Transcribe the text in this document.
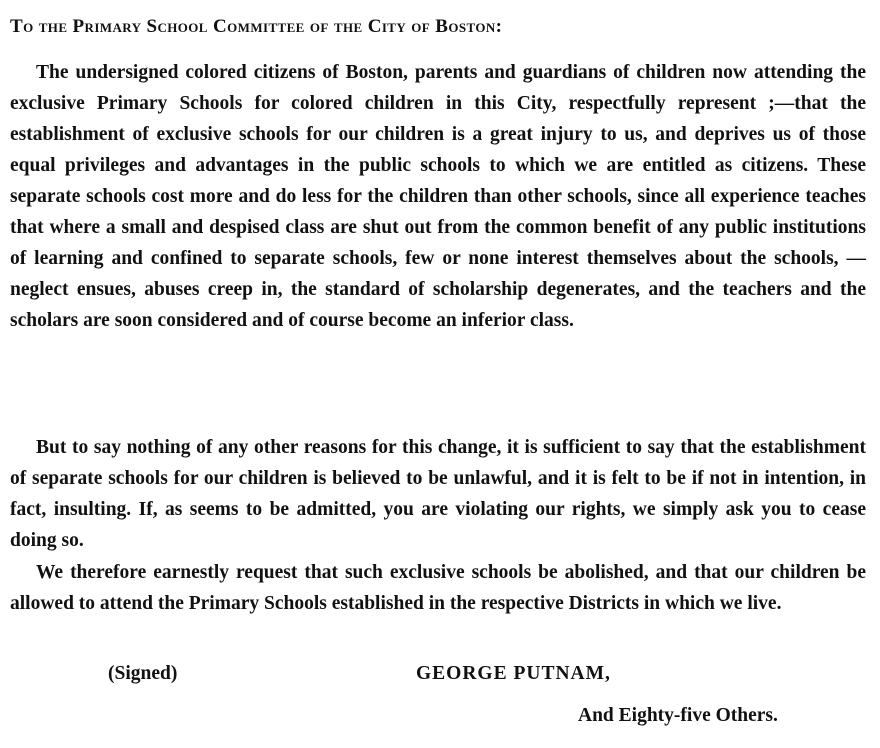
To the Primary School Committee of the City of Boston:

The undersigned colored citizens of Boston, parents and guardians of children now attending the exclusive Primary Schools for colored children in this City, respectfully represent ;—that the establishment of exclusive schools for our children is a great injury to us, and deprives us of those equal privileges and advantages in the public schools to which we are entitled as citizens. These separate schools cost more and do less for the children than other schools, since all experience teaches that where a small and despised class are shut out from the common benefit of any public institutions of learning and confined to separate schools, few or none interest themselves about the schools, —neglect ensues, abuses creep in, the standard of scholarship degenerates, and the teachers and the scholars are soon considered and of course become an inferior class.

But to say nothing of any other reasons for this change, it is sufficient to say that the establishment of separate schools for our children is believed to be unlawful, and it is felt to be if not in intention, in fact, insulting. If, as seems to be admitted, you are violating our rights, we simply ask you to cease doing so.

We therefore earnestly request that such exclusive schools be abolished, and that our children be allowed to attend the Primary Schools established in the respective Districts in which we live.

(Signed)	GEORGE PUTNAM,
And Eighty-five Others.
